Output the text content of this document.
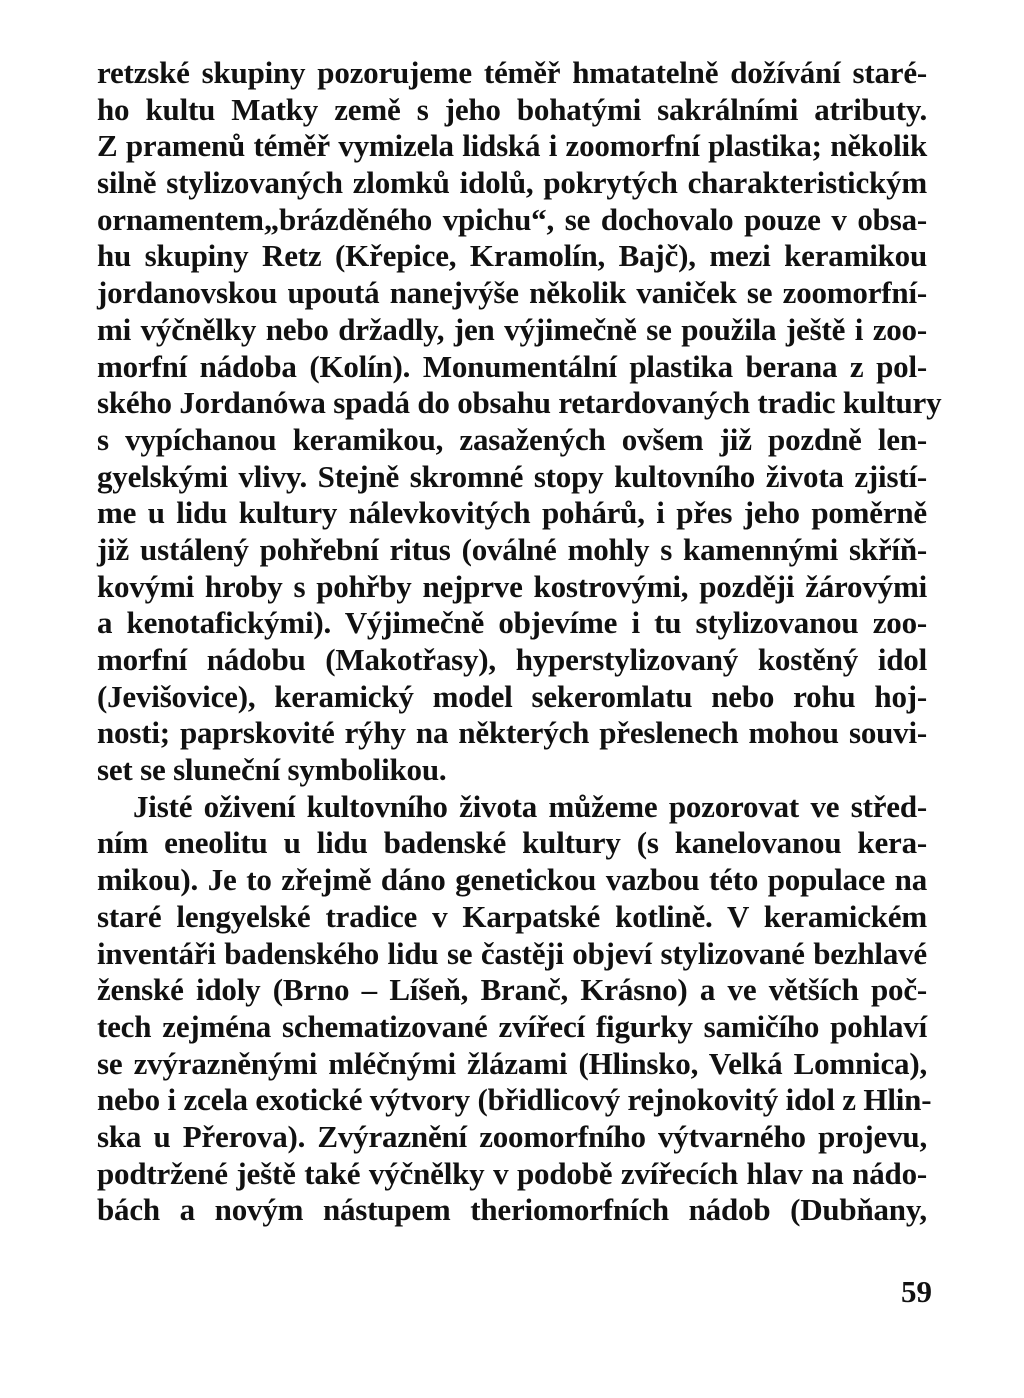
retzské skupiny pozorujeme téměř hmatatelně dožívání staré-
ho kultu Matky země s jeho bohatými sakrálními atributy.
Z pramenů téměř vymizela lidská i zoomorfní plastika; několik
silně stylizovaných zlomků idolů, pokrytých charakteristickým
ornamentem„brázděného vpichu“, se dochovalo pouze v obsa-
hu skupiny Retz (Křepice, Kramolín, Bajč), mezi keramikou
jordanovskou upoutá nanejvýše několik vaniček se zoomorfní-
mi výčnělky nebo držadly, jen výjimečně se použila ještě i zoo-
morfní nádoba (Kolín). Monumentální plastika berana z pol-
ského Jordanówa spadá do obsahu retardovaných tradic kultury
s vypíchanou keramikou, zasažených ovšem již pozdně len-
gyelskými vlivy. Stejně skromné stopy kultovního života zjistí-
me u lidu kultury nálevkovitých pohárů, i přes jeho poměrně
již ustálený pohřební ritus (oválné mohly s kamennými skříň-
kovými hroby s pohřby nejprve kostrovými, později žárovými
a kenotafickými). Výjimečně objevíme i tu stylizovanou zoo-
morfní nádobu (Makotřasy), hyperstylizovaný kostěný idol
(Jevišovice), keramický model sekeromlatu nebo rohu hoj-
nosti; paprskovité rýhy na některých přeslenech mohou souvi-
set se sluneční symbolikou.
Jisté oživení kultovního života můžeme pozorovat ve střed-
ním eneolitu u lidu badenské kultury (s kanelovanou kera-
mikou). Je to zřejmě dáno genetickou vazbou této populace na
staré lengyelské tradice v Karpatské kotlině. V keramickém
inventáři badenského lidu se častěji objeví stylizované bezhlavé
ženské idoly (Brno – Líšeň, Branč, Krásno) a ve větších poč-
tech zejména schematizované zvířecí figurky samičího pohlaví
se zvýrazněnými mléčnými žlázami (Hlinsko, Velká Lomnica),
nebo i zcela exotické výtvory (břidlicový rejnokovitý idol z Hlin-
ska u Přerova). Zvýraznění zoomorfního výtvarného projevu,
podtržené ještě také výčnělky v podobě zvířecích hlav na nádo-
bách a novým nástupem theriomorfních nádob (Dubňany,
59
